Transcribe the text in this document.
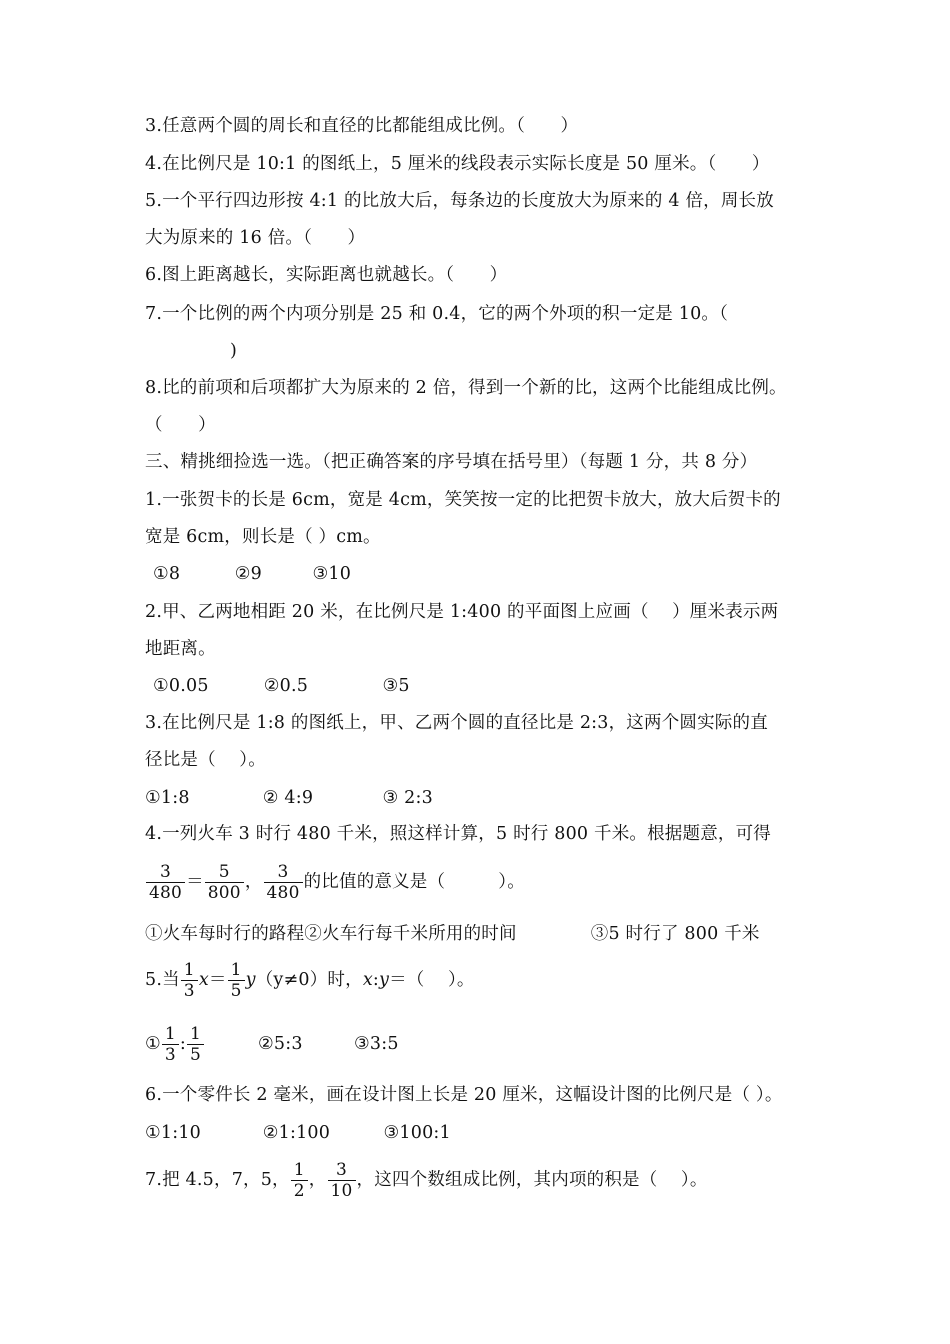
3.任意两个圆的周长和直径的比都能组成比例。（　　）
4.在比例尺是 10:1 的图纸上，5 厘米的线段表示实际长度是 50 厘米。（　　）
5.一个平行四边形按 4:1 的比放大后，每条边的长度放大为原来的 4 倍，周长放
大为原来的 16 倍。（　　）
6.图上距离越长，实际距离也就越长。（　　）
7.一个比例的两个内项分别是 25 和 0.4，它的两个外项的积一定是 10。（
)
8.比的前项和后项都扩大为原来的 2 倍，得到一个新的比，这两个比能组成比例。
（　　）
三、精挑细捡选一选。（把正确答案的序号填在括号里）（每题 1 分，共 8 分）
1.一张贺卡的长是 6cm，宽是 4cm，笑笑按一定的比把贺卡放大，放大后贺卡的
宽是 6cm，则长是（ ）cm。
①8	②9	③10
2.甲、乙两地相距 20 米，在比例尺是 1:400 的平面图上应画（　 ）厘米表示两
地距离。
①0.05	②0.5	③5
3.在比例尺是 1:8 的图纸上，甲、乙两个圆的直径比是 2:3，这两个圆实际的直
径比是（　 ）。
①1:8	② 4:9	③ 2:3
4.一列火车 3 时行 480 千米，照这样计算，5 时行 800 千米。根据题意，可得
$\frac{3}{480} = \frac{5}{800}$ ， $\frac{3}{480}$ 的比值的意义是（　　　）。
①火车每时行的路程②火车行每千米所用的时间	③5 时行了 800 千米
5.当 $\frac{1}{3} x= \frac{1}{5} y(y\ne 0)$时，x:y＝（　 ）。
① $\frac{1}{3}$ : $\frac{1}{5}$	②5:3	③3:5
6.一个零件长 2 毫米，画在设计图上长是 20 厘米，这幅设计图的比例尺是（ ）。
①1:10	②1:100	③100:1
7.把 4.5，7，5， $\frac{1}{2}$ ， $\frac{3}{10}$ ，这四个数组成比例，其内项的积是（　 ）。
